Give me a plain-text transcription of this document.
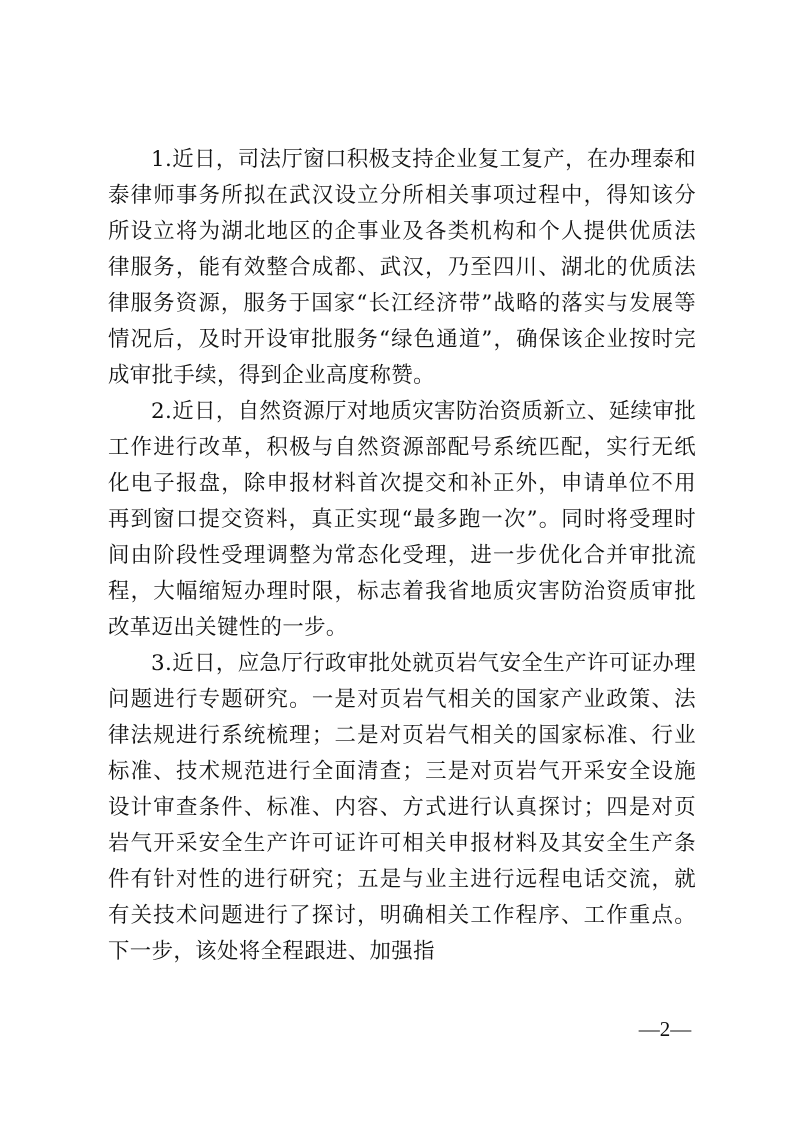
1.近日，司法厅窗口积极支持企业复工复产，在办理泰和泰律师事务所拟在武汉设立分所相关事项过程中，得知该分所设立将为湖北地区的企事业及各类机构和个人提供优质法律服务，能有效整合成都、武汉，乃至四川、湖北的优质法律服务资源，服务于国家“长江经济带”战略的落实与发展等情况后，及时开设审批服务“绿色通道”，确保该企业按时完成审批手续，得到企业高度称赞。

2.近日，自然资源厅对地质灾害防治资质新立、延续审批工作进行改革，积极与自然资源部配号系统匹配，实行无纸化电子报盘，除申报材料首次提交和补正外，申请单位不用再到窗口提交资料，真正实现“最多跑一次”。同时将受理时间由阶段性受理调整为常态化受理，进一步优化合并审批流程，大幅缩短办理时限，标志着我省地质灾害防治资质审批改革迈出关键性的一步。

3.近日，应急厅行政审批处就页岩气安全生产许可证办理问题进行专题研究。一是对页岩气相关的国家产业政策、法律法规进行系统梳理；二是对页岩气相关的国家标准、行业标准、技术规范进行全面清查；三是对页岩气开采安全设施设计审查条件、标准、内容、方式进行认真探讨；四是对页岩气开采安全生产许可证许可相关申报材料及其安全生产条件有针对性的进行研究；五是与业主进行远程电话交流，就有关技术问题进行了探讨，明确相关工作程序、工作重点。下一步，该处将全程跟进、加强指

—2—
